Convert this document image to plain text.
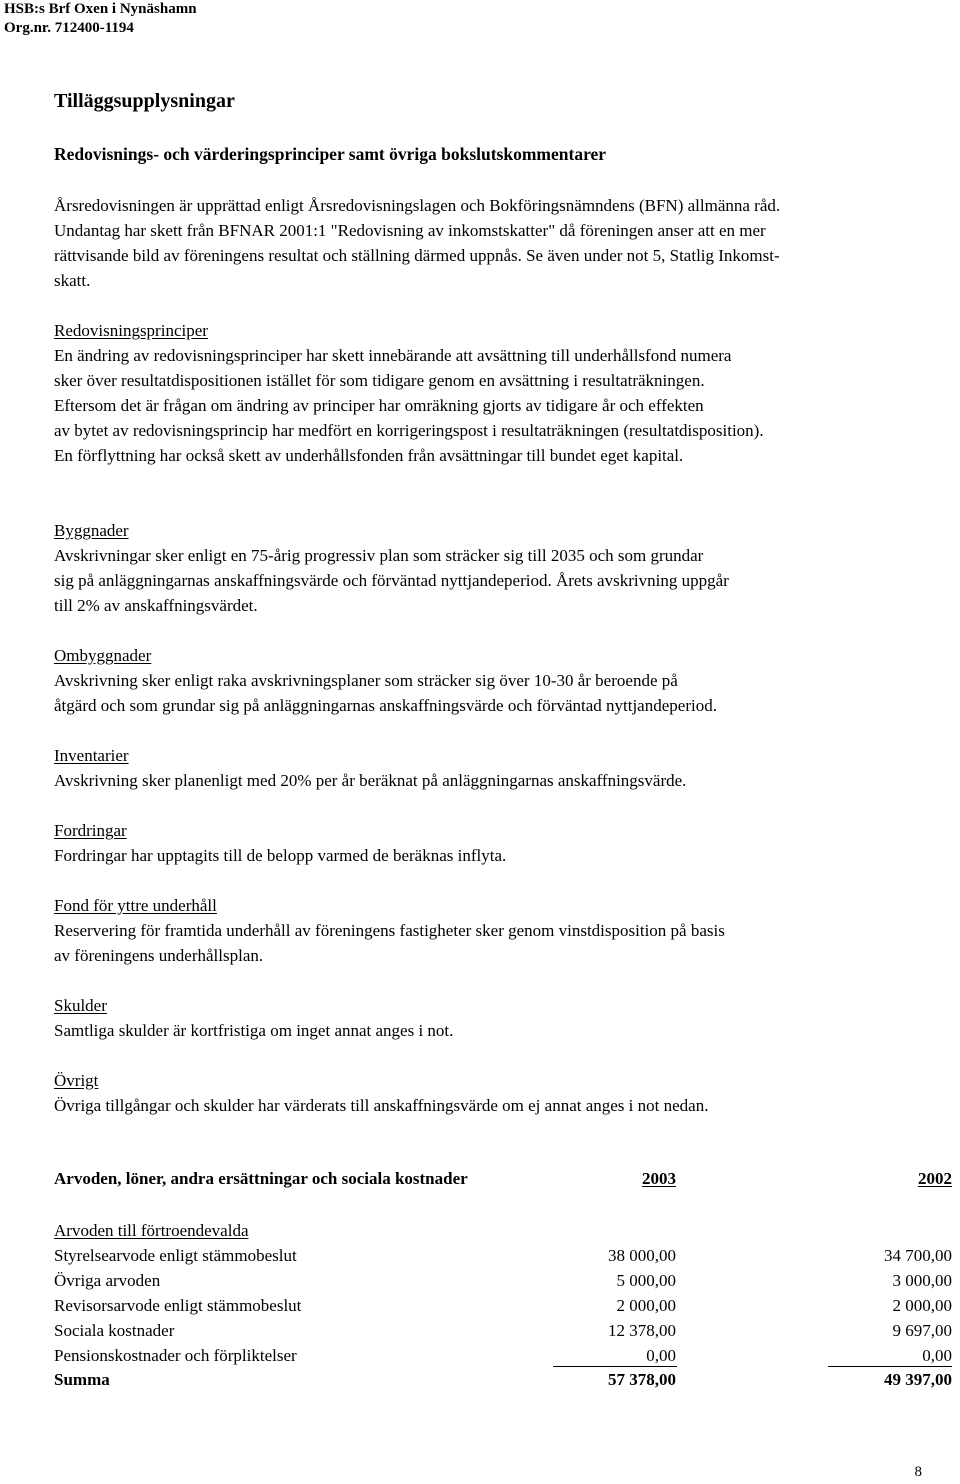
HSB:s Brf Oxen i Nynäshamn
Org.nr. 712400-1194
Tilläggsupplysningar
Redovisnings- och värderingsprinciper samt övriga bokslutskommentarer
Årsredovisningen är upprättad enligt Årsredovisningslagen och Bokföringsnämndens (BFN) allmänna råd.
Undantag har skett från BFNAR 2001:1 "Redovisning av inkomstskatter" då föreningen anser att en mer
rättvisande bild av föreningens resultat och ställning därmed uppnås. Se även under not 5, Statlig Inkomst-
skatt.
Redovisningsprinciper
En ändring av redovisningsprinciper har skett innebärande att avsättning till underhållsfond numera
sker över resultatdispositionen istället för som tidigare genom en avsättning i resultaträkningen.
Eftersom det är frågan om ändring av principer har omräkning gjorts av tidigare år och effekten
av bytet av redovisningsprincip har medfört en korrigeringspost i resultaträkningen (resultatdisposition).
En förflyttning har också skett av underhållsfonden från avsättningar till bundet eget kapital.
Byggnader
Avskrivningar sker enligt en 75-årig progressiv plan som sträcker sig till 2035 och som grundar
sig på anläggningarnas anskaffningsvärde och förväntad nyttjandeperiod. Årets avskrivning uppgår
till 2% av anskaffningsvärdet.
Ombyggnader
Avskrivning sker enligt raka avskrivningsplaner som sträcker sig över 10-30 år beroende på
åtgärd och som grundar sig på anläggningarnas anskaffningsvärde och förväntad nyttjandeperiod.
Inventarier
Avskrivning sker planenligt med 20% per år beräknat på anläggningarnas anskaffningsvärde.
Fordringar
Fordringar har upptagits till de belopp varmed de beräknas inflyta.
Fond för yttre underhåll
Reservering för framtida underhåll av föreningens fastigheter sker genom vinstdisposition på basis
av föreningens underhållsplan.
Skulder
Samtliga skulder är kortfristiga om inget annat anges i not.
Övrigt
Övriga tillgångar och skulder har värderats till anskaffningsvärde om ej annat anges i not nedan.
Arvoden, löner, andra ersättningar och sociala kostnader	2003	2002
Arvoden till förtroendevalda
Styrelsearvode enligt stämmobeslut	38 000,00	34 700,00
Övriga arvoden	5 000,00	3 000,00
Revisorsarvode enligt stämmobeslut	2 000,00	2 000,00
Sociala kostnader	12 378,00	9 697,00
Pensionskostnader och förpliktelser	0,00	0,00
Summa	57 378,00	49 397,00
8
